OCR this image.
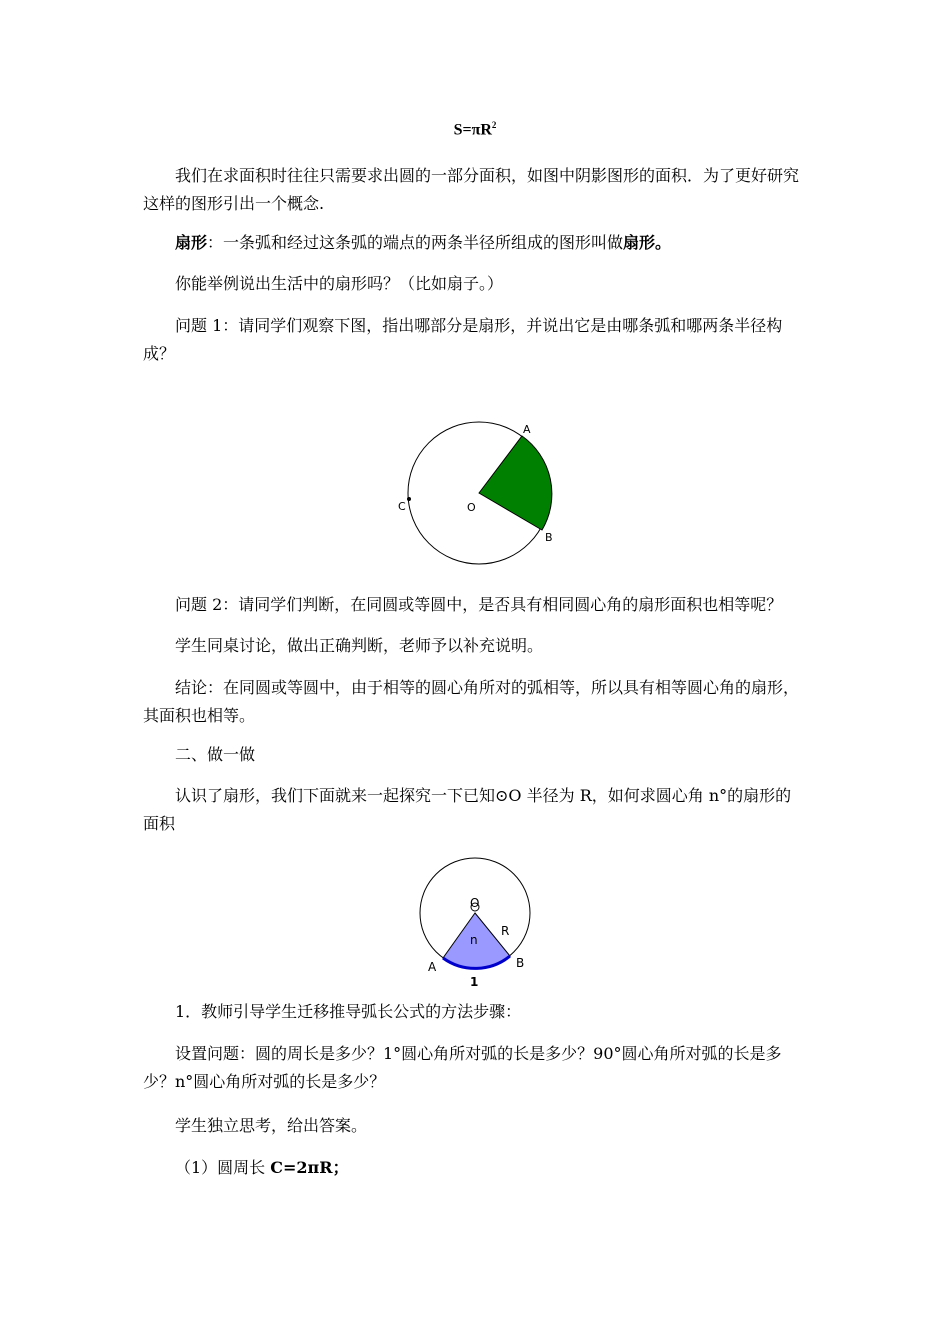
$S=\pi R^2$

我们在求面积时往往只需要求出圆的一部分面积，如图中阴影图形的面积．为了更好研究这样的图形引出一个概念.

扇形：一条弧和经过这条弧的端点的两条半径所组成的图形叫做扇形。

你能举例说出生活中的扇形吗？（比如扇子。）

问题 1：请同学们观察下图，指出哪部分是扇形，并说出它是由哪条弧和哪两条半径构成？

A
B
C	O

问题 2：请同学们判断，在同圆或等圆中，是否具有相同圆心角的扇形面积也相等呢？

学生同桌讨论，做出正确判断，老师予以补充说明。

结论：在同圆或等圆中，由于相等的圆心角所对的弧相等，所以具有相等圆心角的扇形，其面积也相等。

二、做一做

认识了扇形，我们下面就来一起探究一下已知⊙O 半径为 R，如何求圆心角 n°的扇形的面积

O
R
n
A	B
1

1．教师引导学生迁移推导弧长公式的方法步骤：

设置问题：圆的周长是多少？1°圆心角所对弧的长是多少？90°圆心角所对弧的长是多少？n°圆心角所对弧的长是多少？

学生独立思考，给出答案。

（1）圆周长 C=2πR；
